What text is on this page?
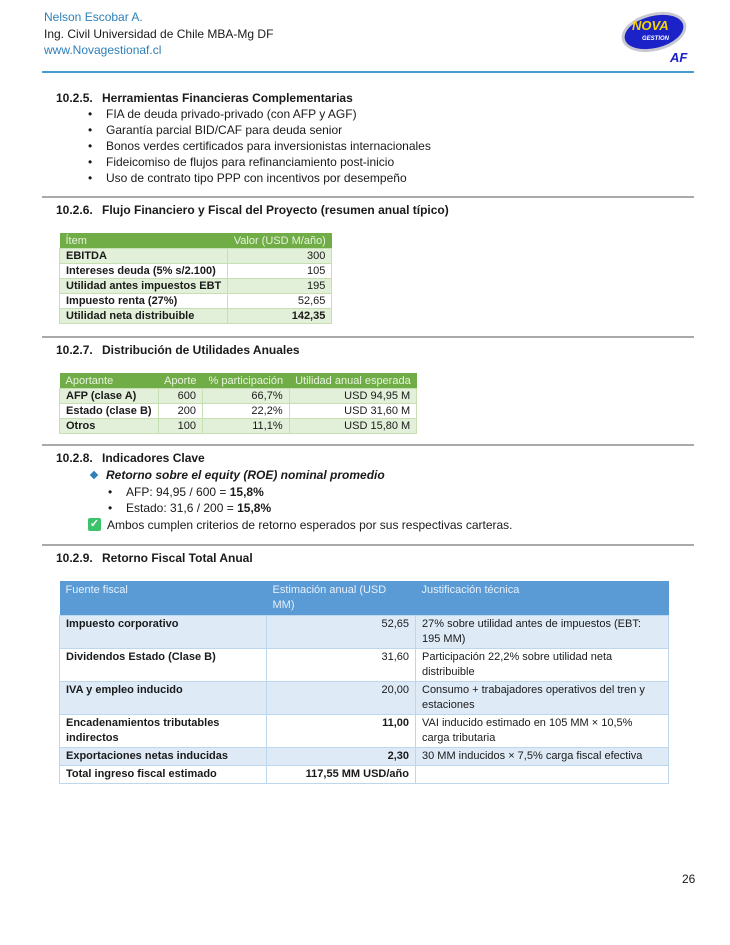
Nelson Escobar A.
Ing. Civil Universidad de Chile MBA-Mg DF
www.Novagestionaf.cl
NOVA
GESTION
AF
10.2.5. Herramientas Financieras Complementarias
• FIA de deuda privado-privado (con AFP y AGF)
• Garantía parcial BID/CAF para deuda senior
• Bonos verdes certificados para inversionistas internacionales
• Fideicomiso de flujos para refinanciamiento post-inicio
• Uso de contrato tipo PPP con incentivos por desempeño
10.2.6. Flujo Financiero y Fiscal del Proyecto (resumen anual típico)
Ítem	Valor (USD M/año)
EBITDA	300
Intereses deuda (5% s/2.100)	105
Utilidad antes impuestos EBT	195
Impuesto renta (27%)	52,65
Utilidad neta distribuible	142,35
10.2.7. Distribución de Utilidades Anuales
Aportante	Aporte	% participación	Utilidad anual esperada
AFP (clase A)	600	66,7%	USD 94,95 M
Estado (clase B)	200	22,2%	USD 31,60 M
Otros	100	11,1%	USD 15,80 M
10.2.8. Indicadores Clave
Retorno sobre el equity (ROE) nominal promedio
• AFP: 94,95 / 600 = 15,8%
• Estado: 31,6 / 200 = 15,8%
✓ Ambos cumplen criterios de retorno esperados por sus respectivas carteras.
10.2.9. Retorno Fiscal Total Anual
Fuente fiscal	Estimación anual (USD MM)	Justificación técnica
Impuesto corporativo	52,65	27% sobre utilidad antes de impuestos (EBT: 195 MM)
Dividendos Estado (Clase B)	31,60	Participación 22,2% sobre utilidad neta distribuible
IVA y empleo inducido	20,00	Consumo + trabajadores operativos del tren y estaciones
Encadenamientos tributables indirectos	11,00	VAI inducido estimado en 105 MM × 10,5% carga tributaria
Exportaciones netas inducidas	2,30	30 MM inducidos × 7,5% carga fiscal efectiva
Total ingreso fiscal estimado	117,55 MM USD/año	
26
